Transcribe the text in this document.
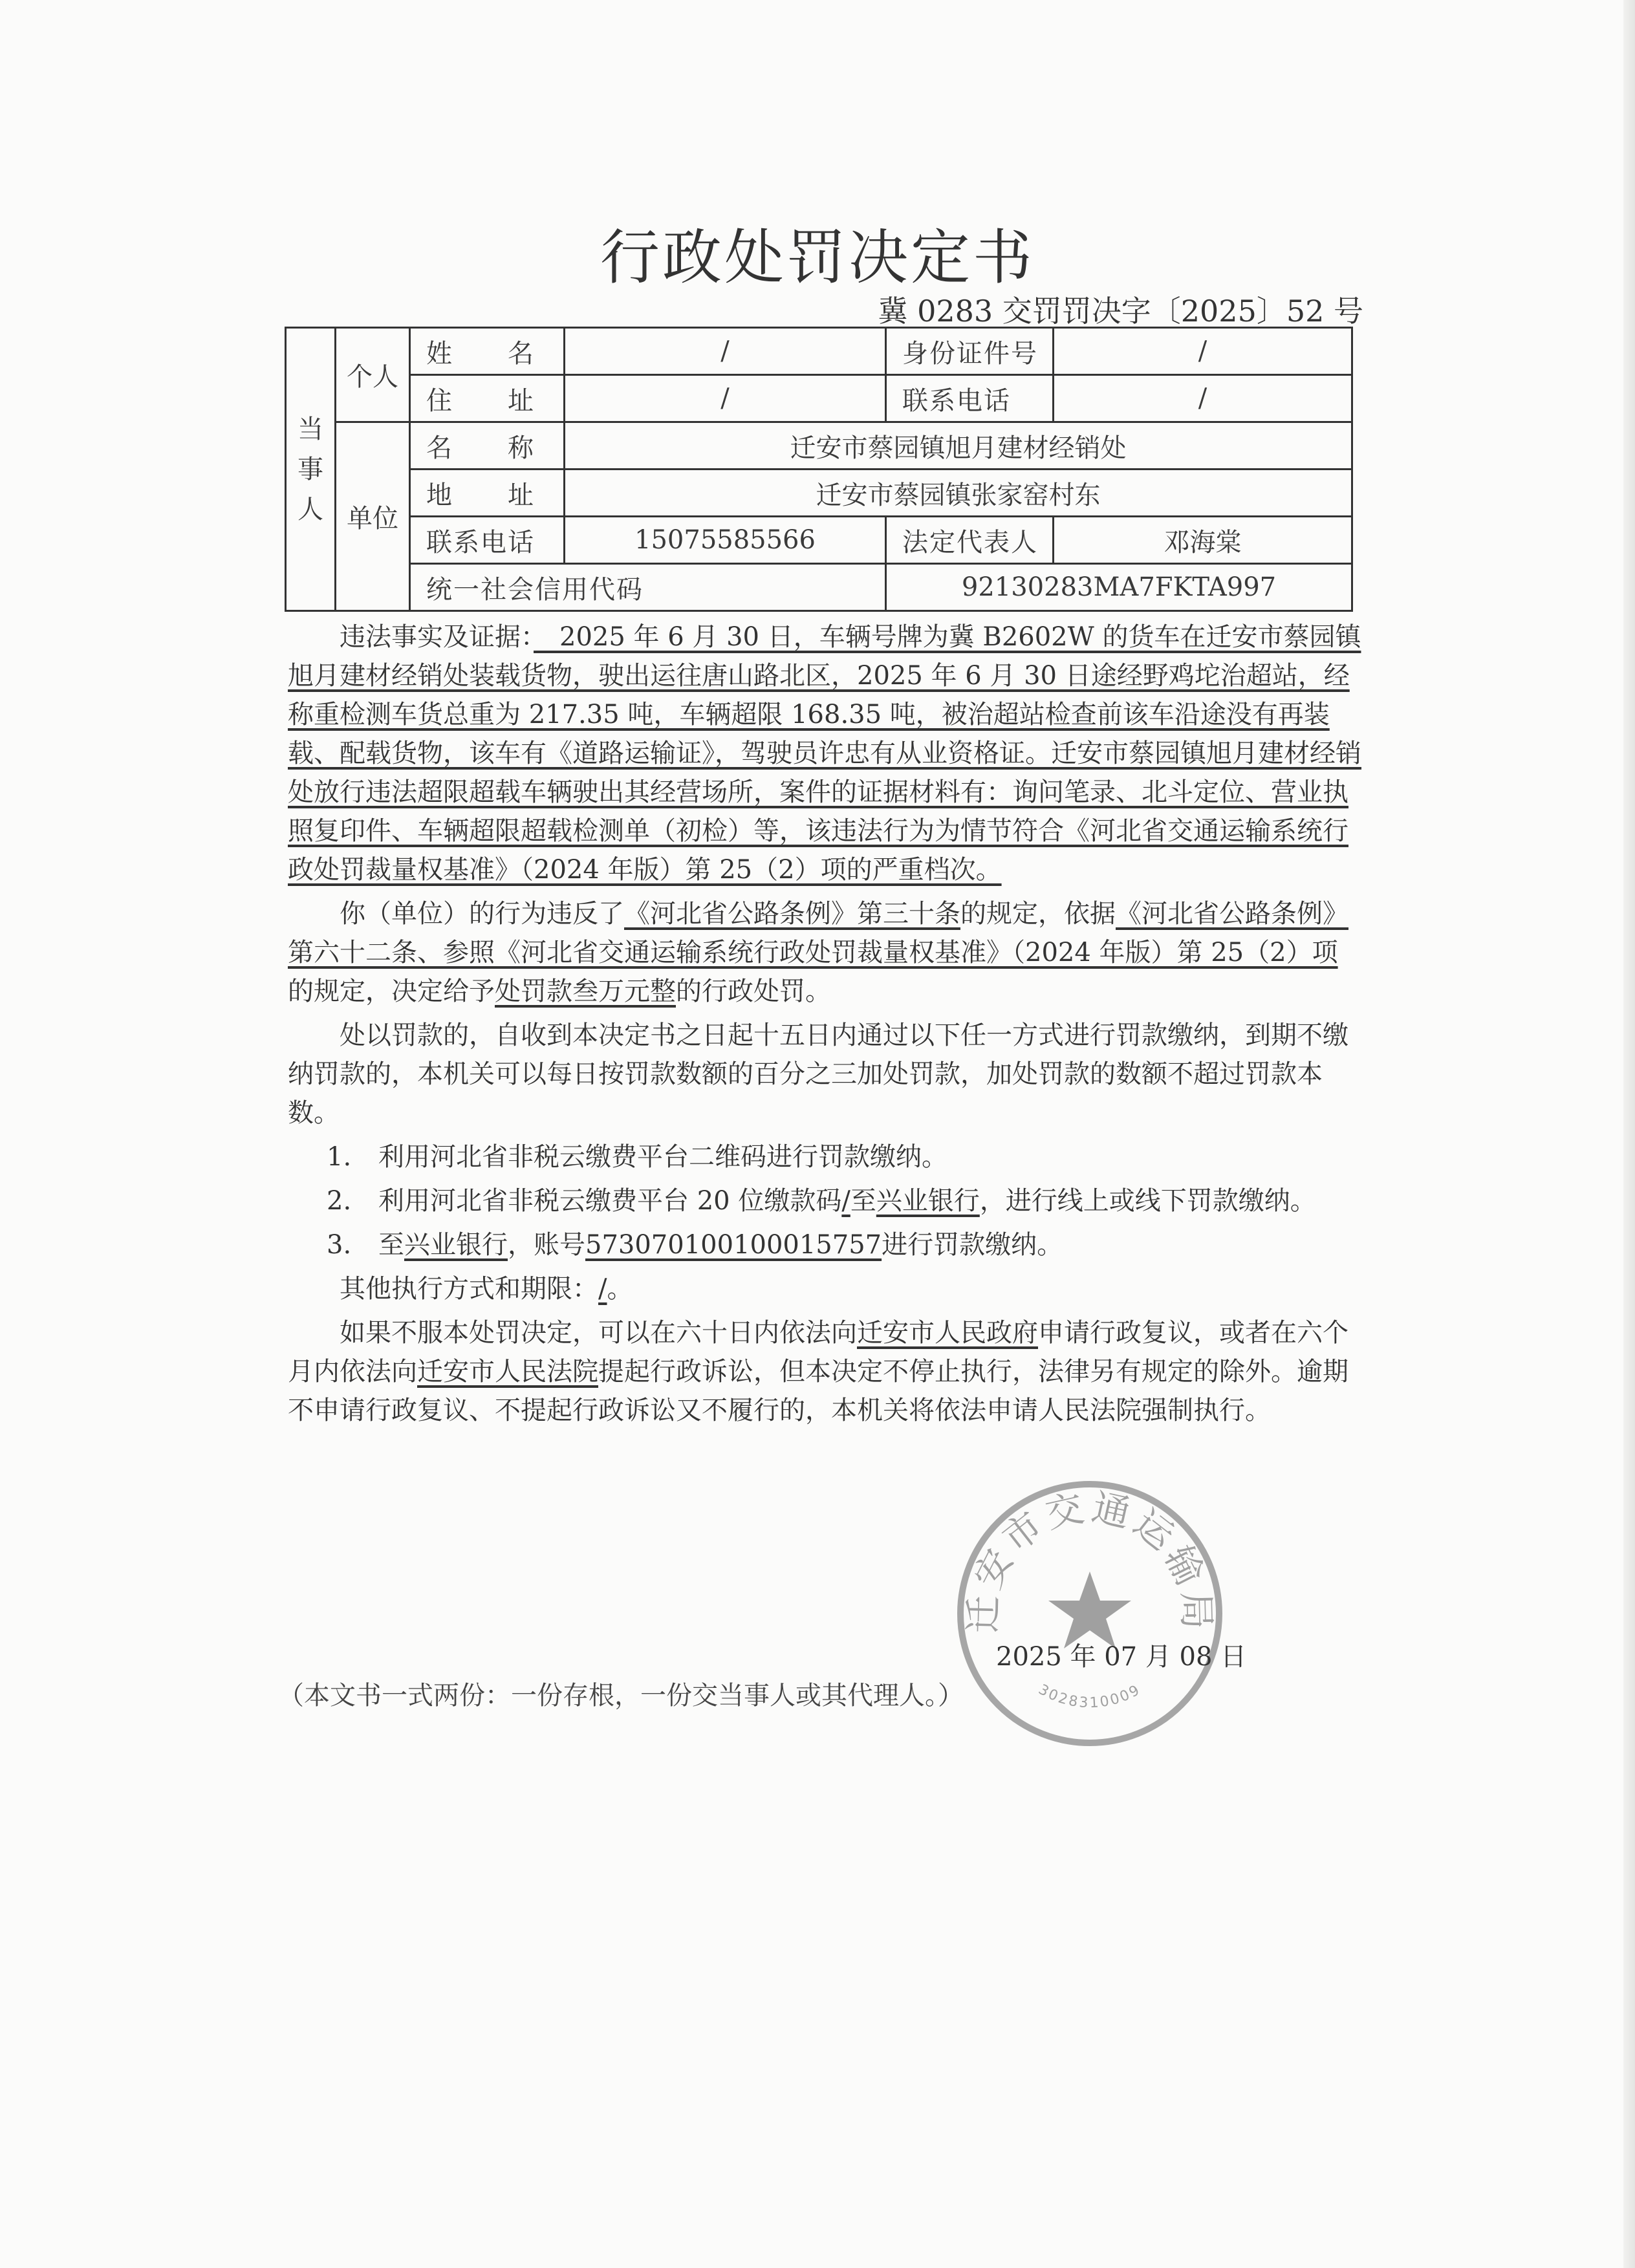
行政处罚决定书
冀 0283 交罚罚决字〔2025〕52 号
当事人	个人	姓　　名	/	身份证件号	/
		住　　址	/	联系电话	/
	单位	名　　称	迁安市蔡园镇旭月建材经销处		
		地　　址	迁安市蔡园镇张家窑村东		
		联系电话	15075585566	法定代表人	邓海棠
		统一社会信用代码		92130283MA7FKTA997	

违法事实及证据：　2025 年 6 月 30 日，车辆号牌为冀 B2602W 的货车在迁安市蔡园镇旭月建材经销处装载货物，驶出运往唐山路北区，2025 年 6 月 30 日途经野鸡坨治超站，经称重检测车货总重为 217.35 吨，车辆超限 168.35 吨，被治超站检查前该车沿途没有再装载、配载货物，该车有《道路运输证》，驾驶员许忠有从业资格证。迁安市蔡园镇旭月建材经销处放行违法超限超载车辆驶出其经营场所，案件的证据材料有：询问笔录、北斗定位、营业执照复印件、车辆超限超载检测单（初检）等，该违法行为为情节符合《河北省交通运输系统行政处罚裁量权基准》（2024 年版）第 25（2）项的严重档次。

你（单位）的行为违反了《河北省公路条例》第三十条的规定，依据《河北省公路条例》第六十二条、参照《河北省交通运输系统行政处罚裁量权基准》（2024 年版）第 25（2）项的规定，决定给予处罚款叁万元整的行政处罚。

处以罚款的，自收到本决定书之日起十五日内通过以下任一方式进行罚款缴纳，到期不缴纳罚款的，本机关可以每日按罚款数额的百分之三加处罚款，加处罚款的数额不超过罚款本数。

1. 利用河北省非税云缴费平台二维码进行罚款缴纳。

2. 利用河北省非税云缴费平台 20 位缴款码/至兴业银行，进行线上或线下罚款缴纳。

3. 至兴业银行，账号573070100100015757进行罚款缴纳。

其他执行方式和期限：/。

如果不服本处罚决定，可以在六十日内依法向迁安市人民政府申请行政复议，或者在六个月内依法向迁安市人民法院提起行政诉讼，但本决定不停止执行，法律另有规定的除外。逾期不申请行政复议、不提起行政诉讼又不履行的，本机关将依法申请人民法院强制执行。

迁安市交通运输局
3028310009
2025 年 07 月 08 日
（本文书一式两份：一份存根，一份交当事人或其代理人。）
